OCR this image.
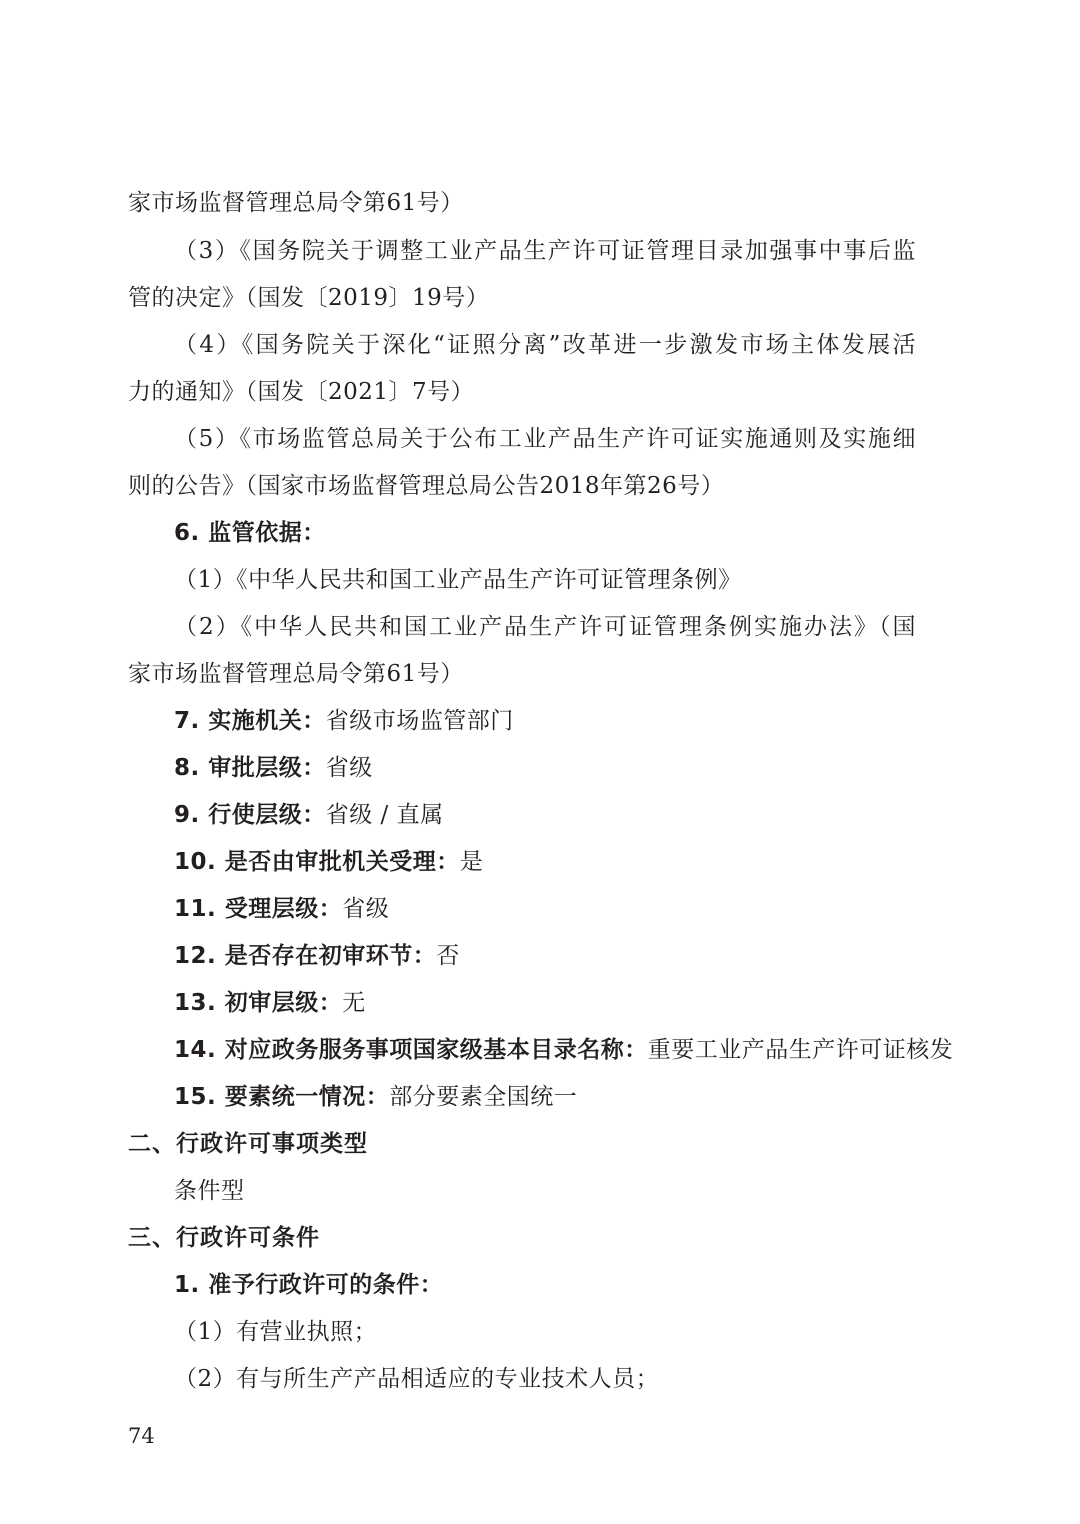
家市场监督管理总局令第61号）
（3）《国务院关于调整工业产品生产许可证管理目录加强事中事后监
管的决定》（国发〔2019〕19号）
（4）《国务院关于深化“证照分离”改革进一步激发市场主体发展活
力的通知》（国发〔2021〕7号）
（5）《市场监管总局关于公布工业产品生产许可证实施通则及实施细
则的公告》（国家市场监督管理总局公告2018年第26号）
6. 监管依据：
（1）《中华人民共和国工业产品生产许可证管理条例》
（2）《中华人民共和国工业产品生产许可证管理条例实施办法》（国
家市场监督管理总局令第61号）
7. 实施机关：省级市场监管部门
8. 审批层级：省级
9. 行使层级：省级 / 直属
10. 是否由审批机关受理：是
11. 受理层级：省级
12. 是否存在初审环节：否
13. 初审层级：无
14. 对应政务服务事项国家级基本目录名称：重要工业产品生产许可证核发
15. 要素统一情况：部分要素全国统一
二、行政许可事项类型
条件型
三、行政许可条件
1. 准予行政许可的条件：
（1）有营业执照；
（2）有与所生产产品相适应的专业技术人员；
74
